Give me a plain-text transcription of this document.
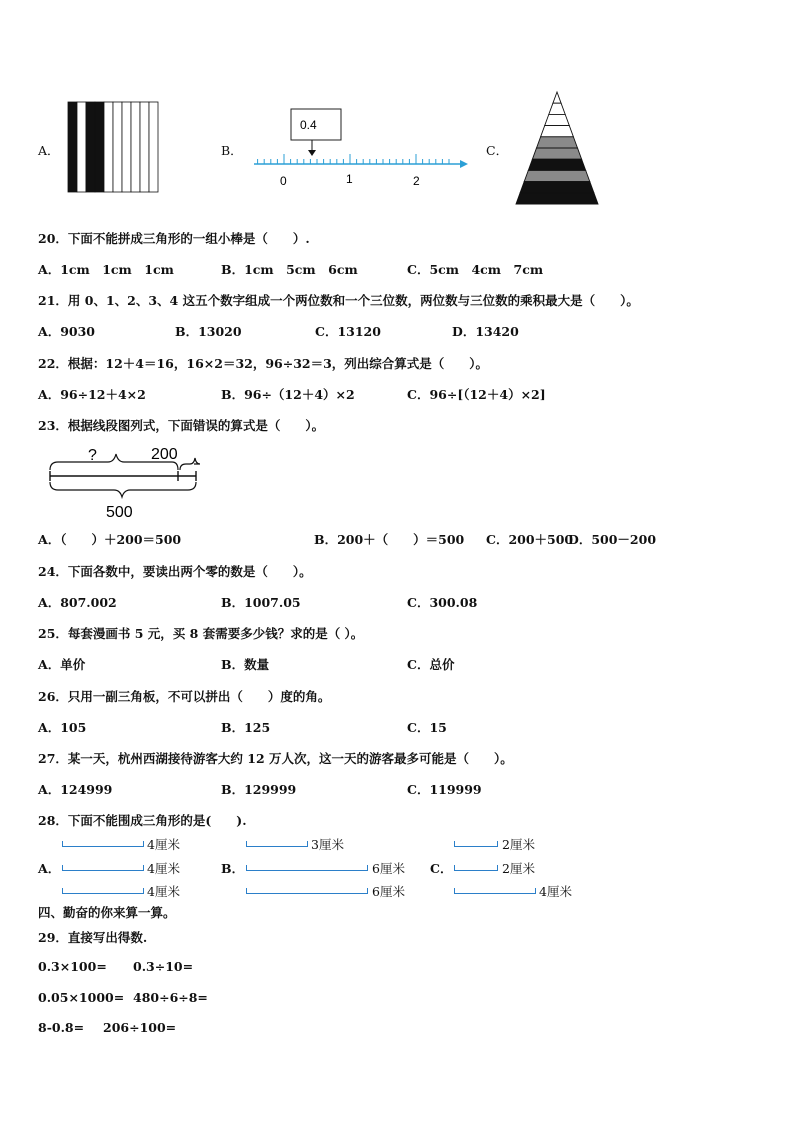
A．	B．
0.4
0	1	2
C．
20．下面不能拼成三角形的一组小棒是（　　）.
A．1cm　1cm　1cm	B．1cm　5cm　6cm	C．5cm　4cm　7cm
21．用 0、1、2、3、4 这五个数字组成一个两位数和一个三位数，两位数与三位数的乘积最大是（　　）。
A．9030	B．13020	C．13120	D．13420
22．根据：12＋4＝16，16×2＝32，96÷32＝3，列出综合算式是（　　）。
A．96÷12＋4×2	B．96÷（12＋4）×2	C．96÷[（12＋4）×2]
23．根据线段图列式，下面错误的算式是（　　）。
?	200
500
A．（　　）＋200＝500	B．200＋（　　）＝500 C．200＋500
D．500－200
24．下面各数中，要读出两个零的数是（　　）。
A．807.002	B．1007.05	C．300.08
25．每套漫画书 5 元，买 8 套需要多少钱？求的是（ ）。
A．单价	B．数量	C．总价
26．只用一副三角板，不可以拼出（　　）度的角。
A．105	B．125	C．15
27．某一天，杭州西湖接待游客大约 12 万人次，这一天的游客最多可能是（　　）。
A．124999	B．129999	C．119999
28．下面不能围成三角形的是(　　).
A．
4厘米
4厘米
4厘米
B．
3厘米
6厘米
6厘米
C．
2厘米
2厘米
4厘米
四、勤奋的你来算一算。
29．直接写出得数.
0.3×100= 0.3÷10=
0.05×1000= 480÷6÷8=
8-0.8= 206÷100=
